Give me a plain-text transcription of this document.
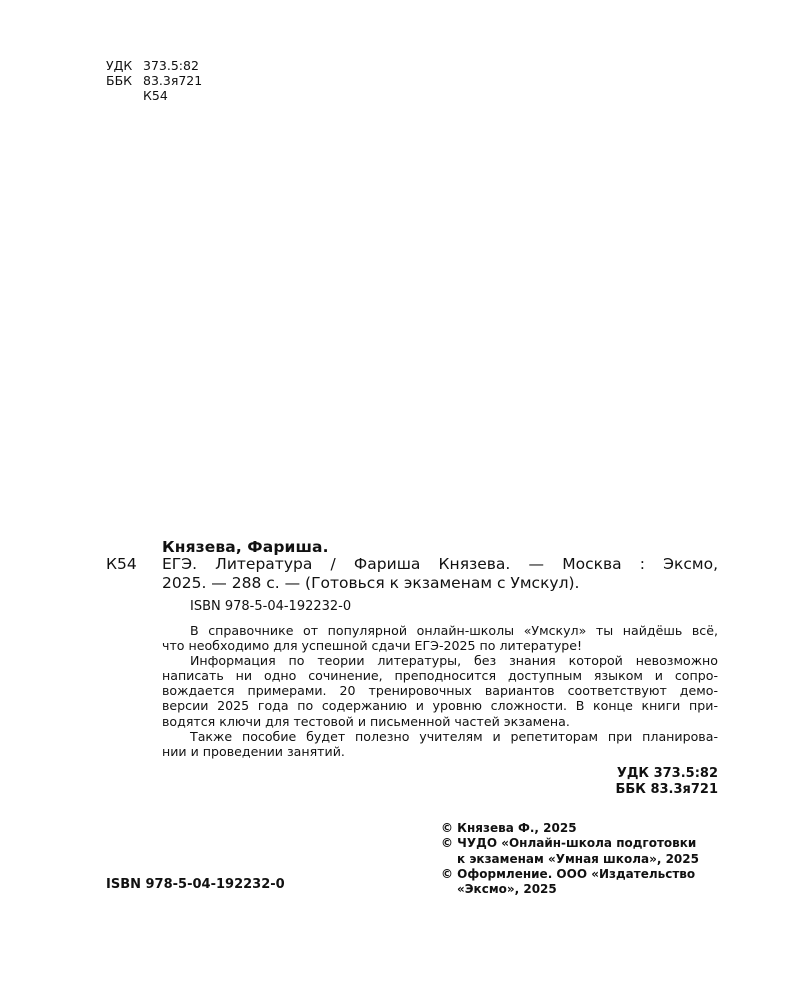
УДК 373.5:82
ББК 83.3я721
К54
Князева, Фариша.
К54 ЕГЭ. Литература / Фариша Князева. — Москва : Эксмо,
2025. — 288 с. — (Готовься к экзаменам с Умскул).
ISBN 978-5-04-192232-0
В справочнике от популярной онлайн-школы «Умскул» ты найдёшь всё,
что необходимо для успешной сдачи ЕГЭ-2025 по литературе!
Информация по теории литературы, без знания которой невозможно
написать ни одно сочинение, преподносится доступным языком и сопро-
вождается примерами. 20 тренировочных вариантов соответствуют демо-
версии 2025 года по содержанию и уровню сложности. В конце книги при-
водятся ключи для тестовой и письменной частей экзамена.
Также пособие будет полезно учителям и репетиторам при планирова-
нии и проведении занятий.
УДК 373.5:82
ББК 83.3я721
© Князева Ф., 2025
© ЧУДО «Онлайн-школа подготовки
к экзаменам «Умная школа», 2025
© Оформление. ООО «Издательство
«Эксмо», 2025
ISBN 978-5-04-192232-0
